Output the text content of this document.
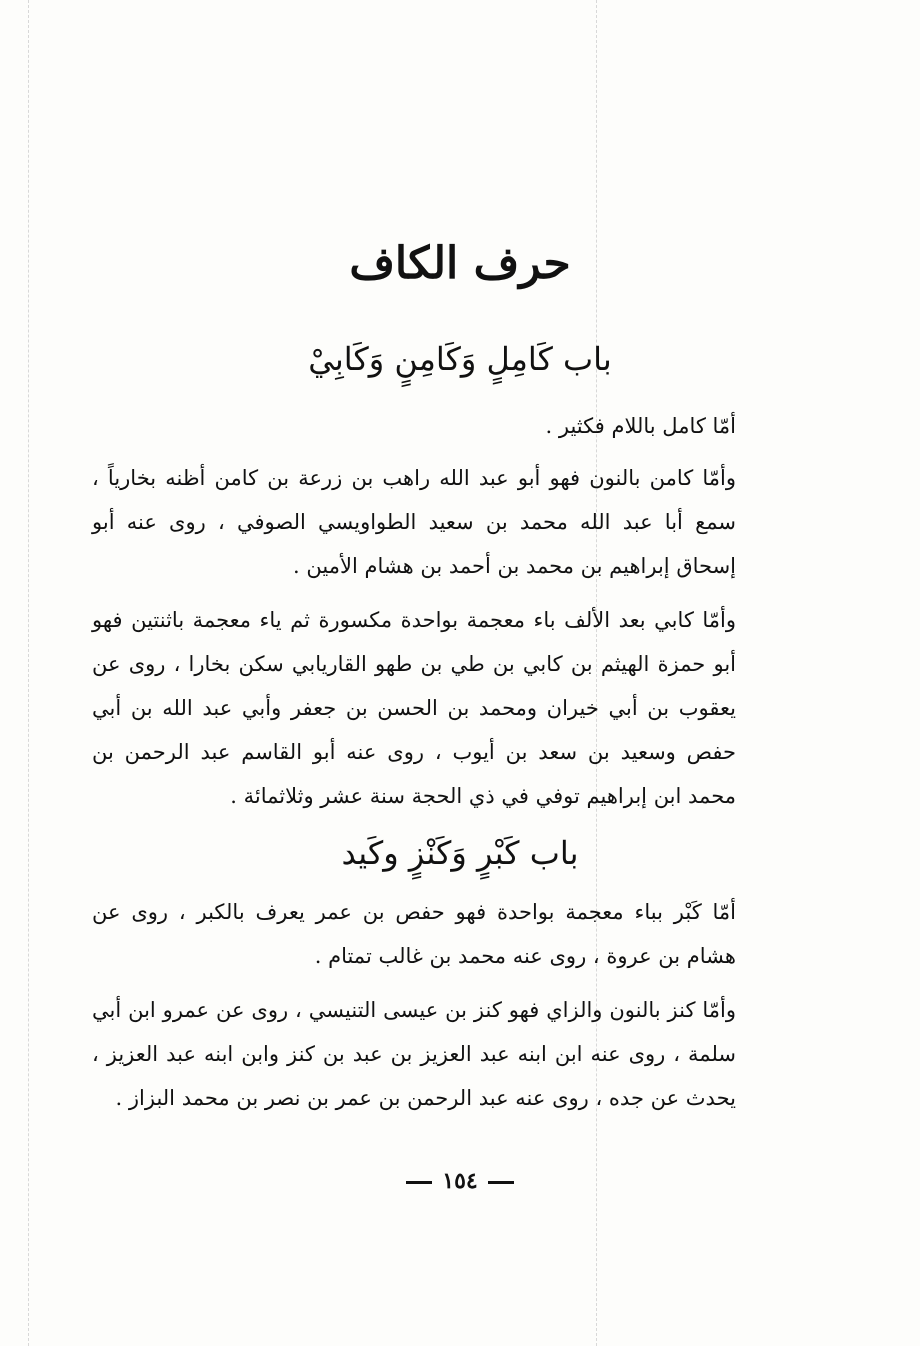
حرف الكاف
باب كَامِلٍ وَكَامِنٍ وَكَابِيْ
أمّا كامل باللام فكثير .
وأمّا كامن بالنون فهو أبو عبد الله راهب بن زرعة بن كامن أظنه بخارياً ، سمع أبا عبد الله محمد بن سعيد الطواويسي الصوفي ، روى عنه أبو إسحاق إبراهيم بن محمد بن أحمد بن هشام الأمين .
وأمّا كابي بعد الألف باء معجمة بواحدة مكسورة ثم ياء معجمة باثنتين فهو أبو حمزة الهيثم بن كابي بن طي بن طهو القاريابي سكن بخارا ، روى عن يعقوب بن أبي خيران ومحمد بن الحسن بن جعفر وأبي عبد الله بن أبي حفص وسعيد بن سعد بن أيوب ، روى عنه أبو القاسم عبد الرحمن بن محمد ابن إبراهيم توفي في ذي الحجة سنة عشر وثلاثمائة .
باب كَبْرٍ وَكَنْزٍ وكَيد
أمّا كَبْر بباء معجمة بواحدة فهو حفص بن عمر يعرف بالكبر ، روى عن هشام بن عروة ، روى عنه محمد بن غالب تمتام .
وأمّا كنز بالنون والزاي فهو كنز بن عيسى التنيسي ، روى عن عمرو ابن أبي سلمة ، روى عنه ابن ابنه عبد العزيز بن عبد بن كنز وابن ابنه عبد العزيز ، يحدث عن جده ، روى عنه عبد الرحمن بن عمر بن نصر بن محمد البزاز .
١٥٤
